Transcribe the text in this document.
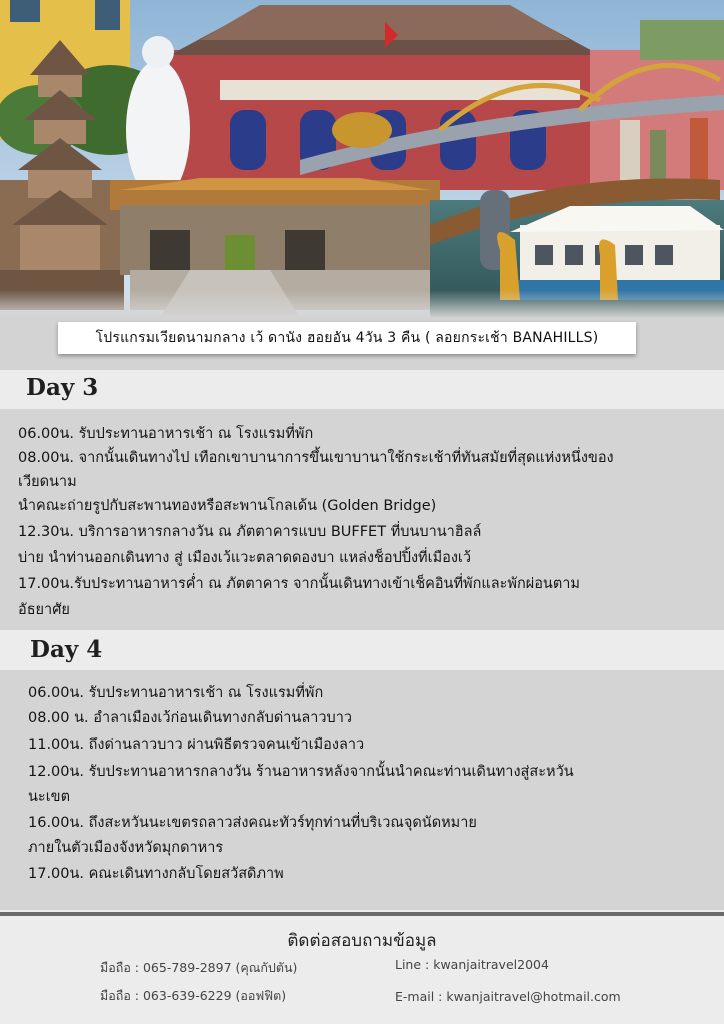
โปรแกรมเวียดนามกลาง เว้ ดานัง ฮอยอัน 4วัน 3 คืน ( ลอยกระเช้า BANAHILLS)
Day 3
06.00น. รับประทานอาหารเช้า ณ โรงแรมที่พัก
08.00น. จากนั้นเดินทางไป เทือกเขาบานาการขึ้นเขาบานาใช้กระเช้าที่ทันสมัยที่สุดแห่งหนึ่งของ
เวียดนาม
นำคณะถ่ายรูปกับสะพานทองหรือสะพานโกลเด้น (Golden Bridge)
12.30น. บริการอาหารกลางวัน ณ ภัตตาคารแบบ BUFFET ที่บนบานาฮิลล์
บ่าย นำท่านออกเดินทาง สู่ เมืองเว้แวะตลาดดองบา แหล่งช็อปปิ้งที่เมืองเว้
17.00น.รับประทานอาหารค่ำ ณ ภัตตาคาร จากนั้นเดินทางเข้าเช็คอินที่พักและพักผ่อนตาม
อัธยาศัย
Day 4
06.00น. รับประทานอาหารเช้า ณ โรงแรมที่พัก
08.00 น. อำลาเมืองเว้ก่อนเดินทางกลับด่านลาวบาว
11.00น. ถึงด่านลาวบาว ผ่านพิธีตรวจคนเข้าเมืองลาว
12.00น. รับประทานอาหารกลางวัน ร้านอาหารหลังจากนั้นนำคณะท่านเดินทางสู่สะหวัน
นะเขต
16.00น. ถึงสะหวันนะเขตรถลาวส่งคณะทัวร์ทุกท่านที่บริเวณจุดนัดหมาย
ภายในตัวเมืองจังหวัดมุกดาหาร
17.00น. คณะเดินทางกลับโดยสวัสดิภาพ
ติดต่อสอบถามข้อมูล
มือถือ : 065-789-2897 (คุณกัปตัน)
มือถือ : 063-639-6229 (ออฟฟิต)
Line : kwanjaitravel2004
E-mail : kwanjaitravel@hotmail.com
